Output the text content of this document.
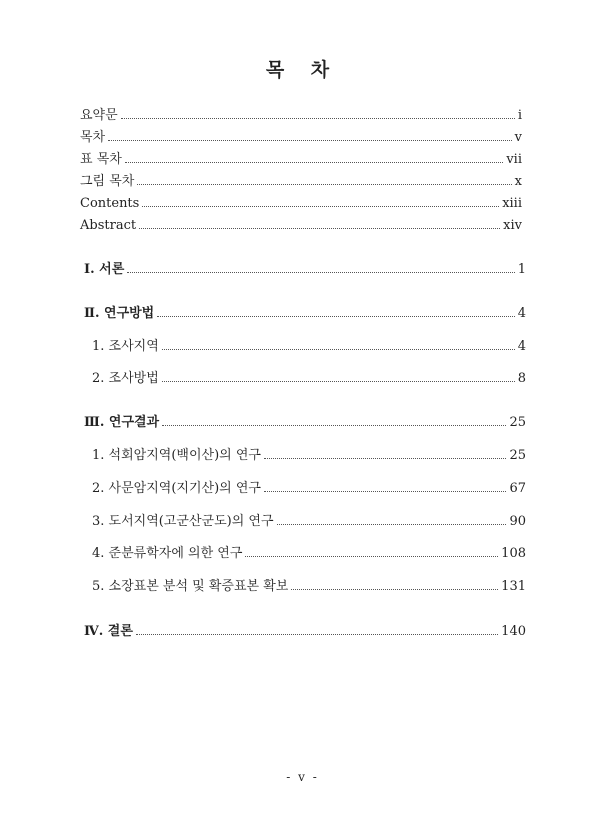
목 차
요약문	i
목차	v
표 목차	vii
그림 목차	x
Contents	xiii
Abstract	xiv
Ⅰ. 서론	1
Ⅱ. 연구방법	4
1. 조사지역	4
2. 조사방법	8
Ⅲ. 연구결과	25
1. 석회암지역(백이산)의 연구	25
2. 사문암지역(지기산)의 연구	67
3. 도서지역(고군산군도)의 연구	90
4. 준분류학자에 의한 연구	108
5. 소장표본 분석 및 확증표본 확보	131
Ⅳ. 결론	140
- v -
